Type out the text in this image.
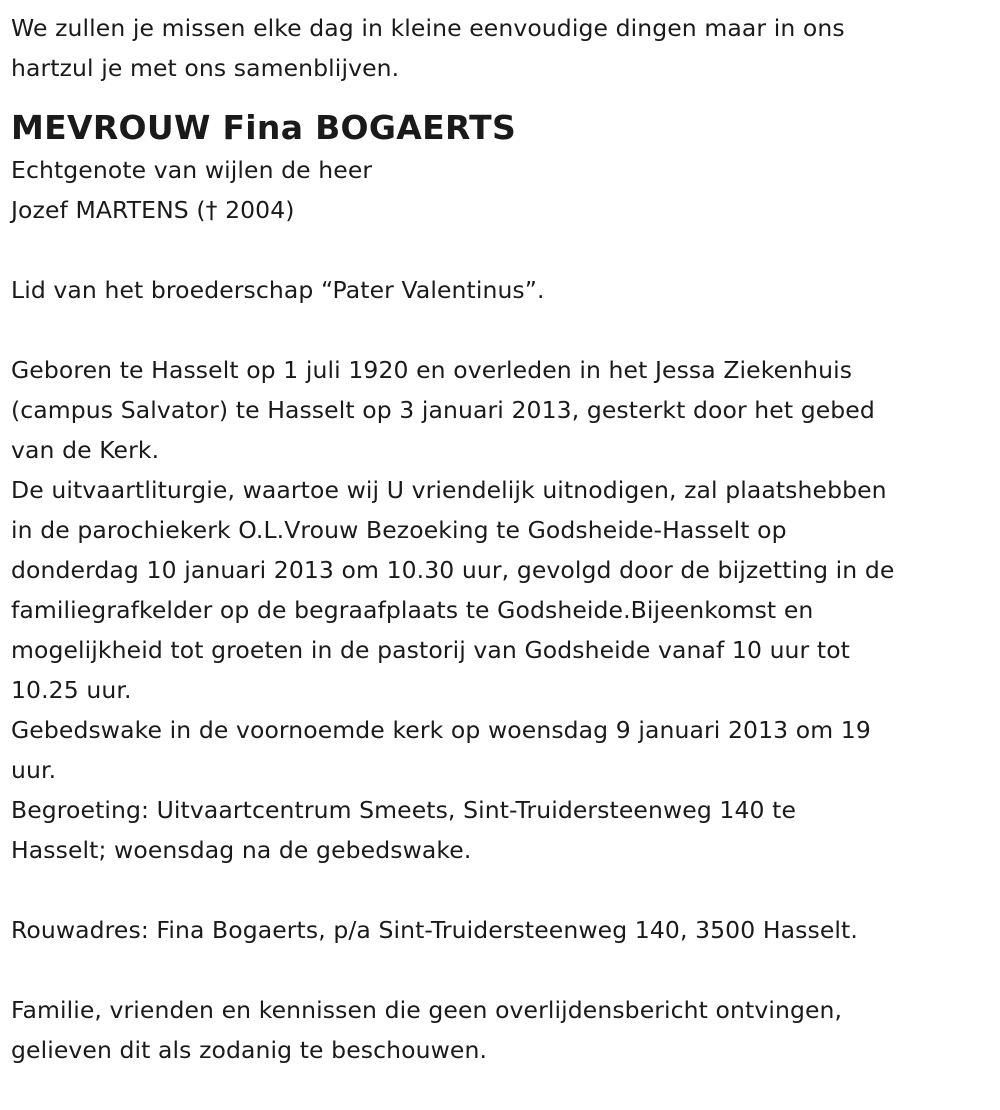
We zullen je missen elke dag in kleine eenvoudige dingen maar in ons

hartzul je met ons samenblijven.

MEVROUW Fina BOGAERTS

Echtgenote van wijlen de heer

Jozef MARTENS († 2004)

Lid van het broederschap “Pater Valentinus”.

Geboren te Hasselt op 1 juli 1920 en overleden in het Jessa Ziekenhuis

(campus Salvator) te Hasselt op 3 januari 2013, gesterkt door het gebed

van de Kerk.

De uitvaartliturgie, waartoe wij U vriendelijk uitnodigen, zal plaatshebben

in de parochiekerk O.L.Vrouw Bezoeking te Godsheide-Hasselt op

donderdag 10 januari 2013 om 10.30 uur, gevolgd door de bijzetting in de

familiegrafkelder op de begraafplaats te Godsheide.Bijeenkomst en

mogelijkheid tot groeten in de pastorij van Godsheide vanaf 10 uur tot

10.25 uur.

Gebedswake in de voornoemde kerk op woensdag 9 januari 2013 om 19

uur.

Begroeting: Uitvaartcentrum Smeets, Sint-Truidersteenweg 140 te

Hasselt; woensdag na de gebedswake.

Rouwadres: Fina Bogaerts, p/a Sint-Truidersteenweg 140, 3500 Hasselt.

Familie, vrienden en kennissen die geen overlijdensbericht ontvingen,

gelieven dit als zodanig te beschouwen.
